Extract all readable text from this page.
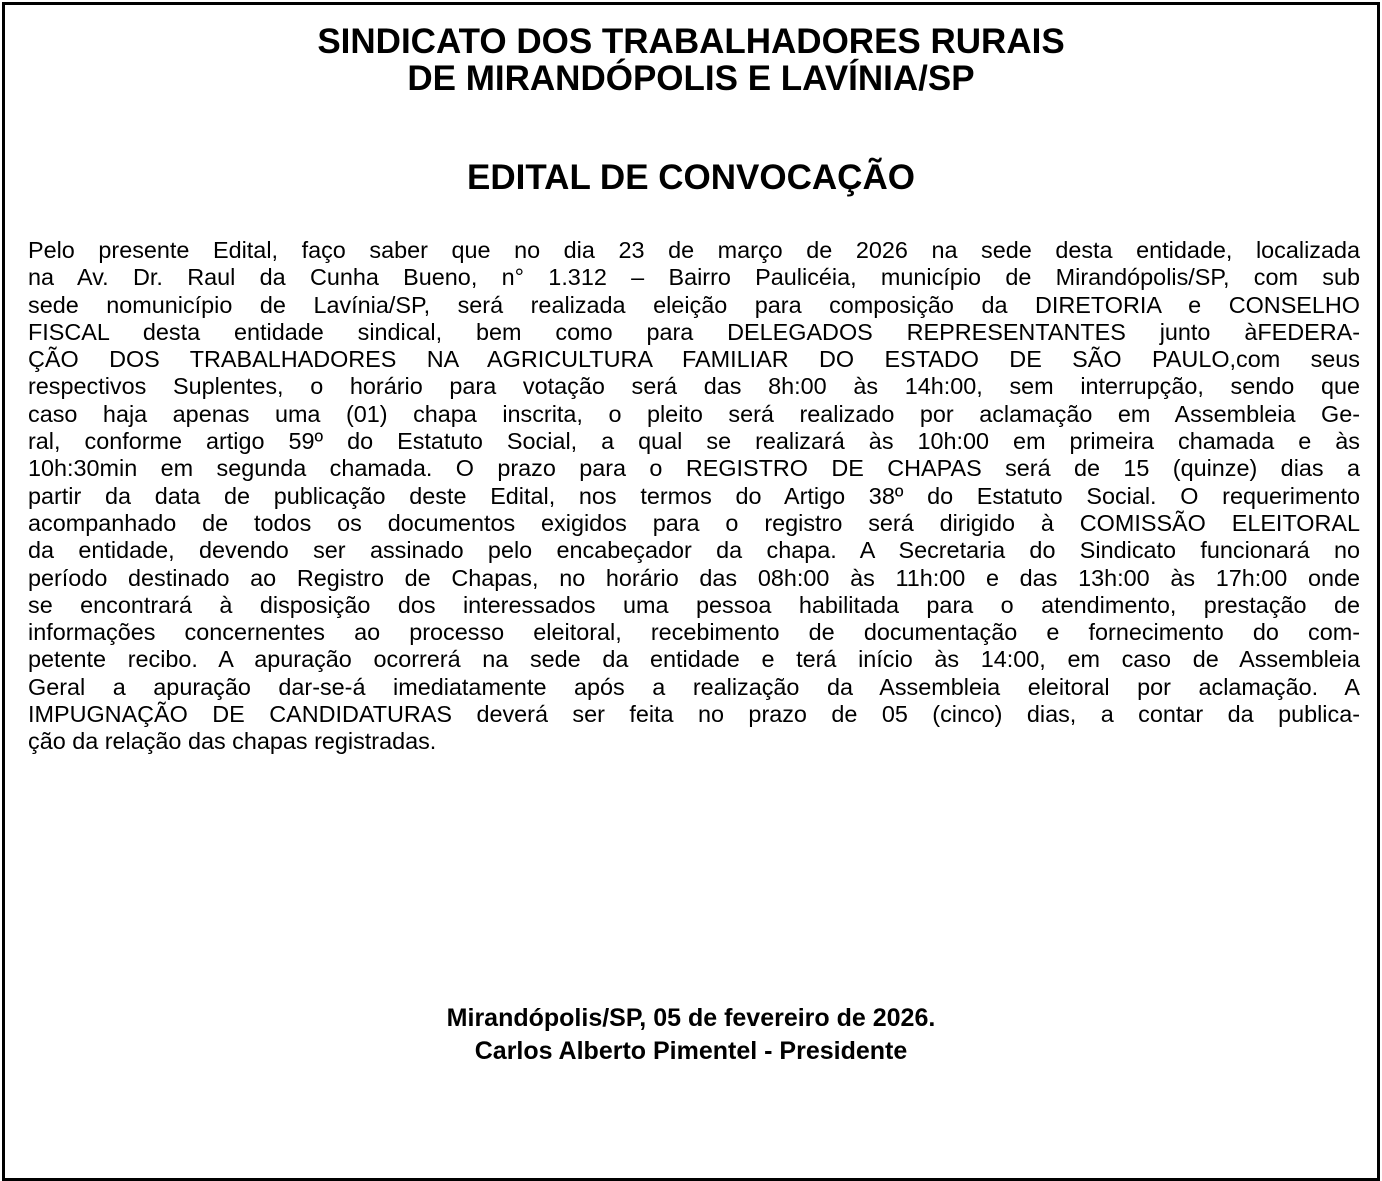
SINDICATO DOS TRABALHADORES RURAIS
DE MIRANDÓPOLIS E LAVÍNIA/SP
EDITAL DE CONVOCAÇÃO
Pelo presente Edital, faço saber que no dia 23 de março de 2026 na sede desta entidade, localizada
na Av. Dr. Raul da Cunha Bueno, n° 1.312 – Bairro Paulicéia, município de Mirandópolis/SP, com sub
sede nomunicípio de Lavínia/SP, será realizada eleição para composição da DIRETORIA e CONSELHO
FISCAL desta entidade sindical, bem como para DELEGADOS REPRESENTANTES junto àFEDERA-
ÇÃO DOS TRABALHADORES NA AGRICULTURA FAMILIAR DO ESTADO DE SÃO PAULO,com seus
respectivos Suplentes, o horário para votação será das 8h:00 às 14h:00, sem interrupção, sendo que
caso haja apenas uma (01) chapa inscrita, o pleito será realizado por aclamação em Assembleia Ge-
ral, conforme artigo 59º do Estatuto Social, a qual se realizará às 10h:00 em primeira chamada e às
10h:30min em segunda chamada. O prazo para o REGISTRO DE CHAPAS será de 15 (quinze) dias a
partir da data de publicação deste Edital, nos termos do Artigo 38º do Estatuto Social. O requerimento
acompanhado de todos os documentos exigidos para o registro será dirigido à COMISSÃO ELEITORAL
da entidade, devendo ser assinado pelo encabeçador da chapa. A Secretaria do Sindicato funcionará no
período destinado ao Registro de Chapas, no horário das 08h:00 às 11h:00 e das 13h:00 às 17h:00 onde
se encontrará à disposição dos interessados uma pessoa habilitada para o atendimento, prestação de
informações concernentes ao processo eleitoral, recebimento de documentação e fornecimento do com-
petente recibo. A apuração ocorrerá na sede da entidade e terá início às 14:00, em caso de Assembleia
Geral a apuração dar-se-á imediatamente após a realização da Assembleia eleitoral por aclamação. A
IMPUGNAÇÃO DE CANDIDATURAS deverá ser feita no prazo de 05 (cinco) dias, a contar da publica-
ção da relação das chapas registradas.
Mirandópolis/SP, 05 de fevereiro de 2026.
Carlos Alberto Pimentel - Presidente
